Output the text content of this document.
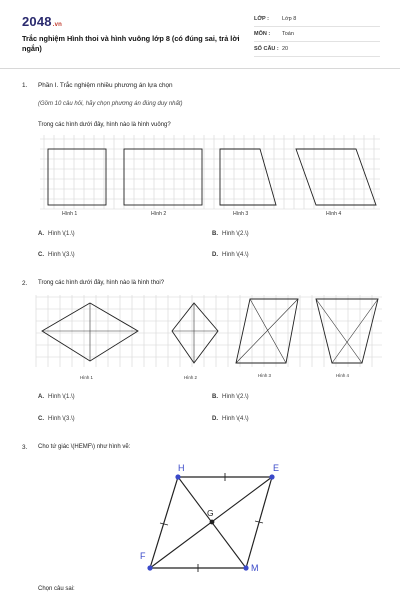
2048.vn
Trắc nghiệm Hình thoi và hình vuông lớp 8 (có đúng sai, trả lời ngắn)
LỚP : Lớp 8
MÔN : Toán
SỐ CÂU : 20
1. Phần I. Trắc nghiệm nhiều phương án lựa chọn
(Gồm 10 câu hỏi, hãy chọn phương án đúng duy nhất)
Trong các hình dưới đây, hình nào là hình vuông?
Hình 1	Hình 2	Hình 3	Hình 4
A. Hình \(1.\)	B. Hình \(2.\)
C. Hình \(3.\)	D. Hình \(4.\)
2. Trong các hình dưới đây, hình nào là hình thoi?
Hình 1	Hình 2	Hình 3	Hình 4
A. Hình \(1.\)	B. Hình \(2.\)
C. Hình \(3.\)	D. Hình \(4.\)
3. Cho tứ giác \(HEMF\) như hình vẽ:
H	E
M
F
G
Chọn câu sai:
